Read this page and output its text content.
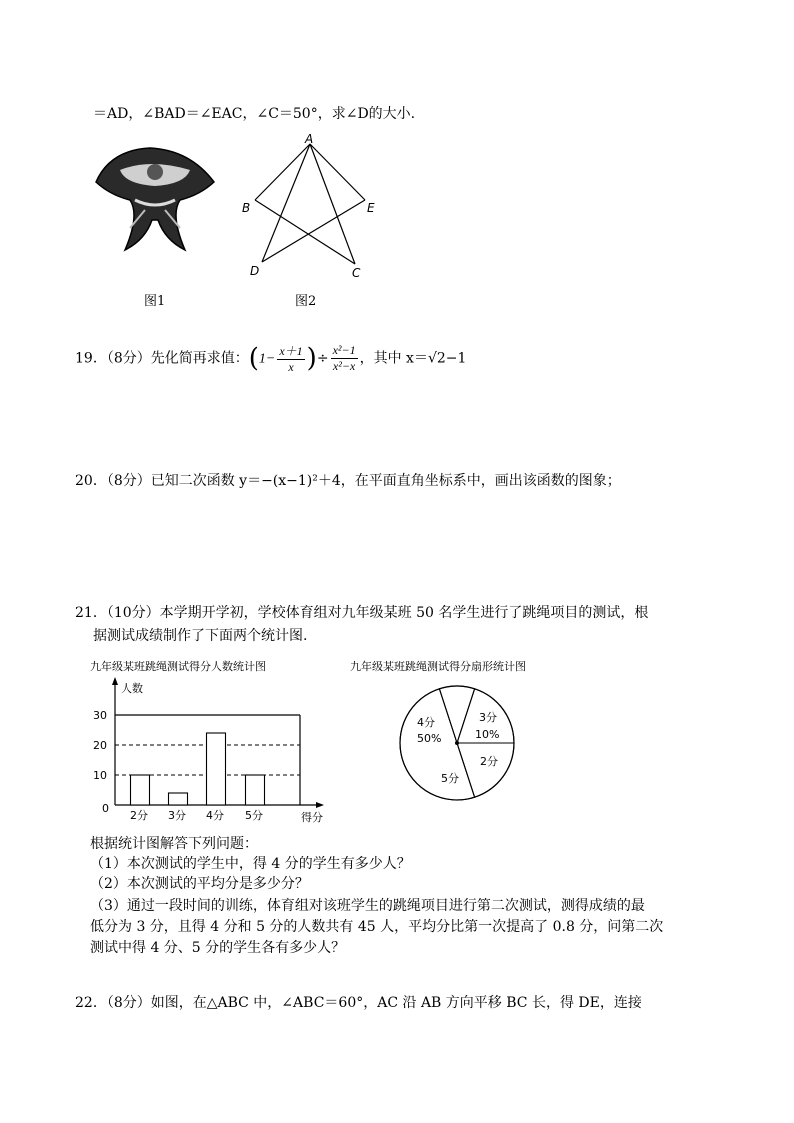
＝AD，∠BAD＝∠EAC，∠C＝50°，求∠D的大小.
图1
A
B	E
D	C
图2
19．（8分）先化简再求值：($1- \frac{x+1}{x}$ )÷ $\frac{\text{x²−1}}{\text{x²−x}}$ ，其中 x＝√2−1
20．（8分）已知二次函数 y＝−(x−1)²＋4，在平面直角坐标系中，画出该函数的图象；
21．（10分）本学期开学初，学校体育组对九年级某班 50 名学生进行了跳绳项目的测试，根
据测试成绩制作了下面两个统计图.
九年级某班跳绳测试得分人数统计图	九年级某班跳绳测试得分扇形统计图
0
10
20
30
人数
得分
2分 3分 4分 5分
3分
10%
2分
5分
4分
50%
根据统计图解答下列问题：
（1）本次测试的学生中，得 4 分的学生有多少人？
（2）本次测试的平均分是多少分？
（3）通过一段时间的训练，体育组对该班学生的跳绳项目进行第二次测试，测得成绩的最
低分为 3 分，且得 4 分和 5 分的人数共有 45 人，平均分比第一次提高了 0.8 分，问第二次
测试中得 4 分、5 分的学生各有多少人？
22．（8分）如图，在△ABC 中，∠ABC＝60°，AC 沿 AB 方向平移 BC 长，得 DE，连接
